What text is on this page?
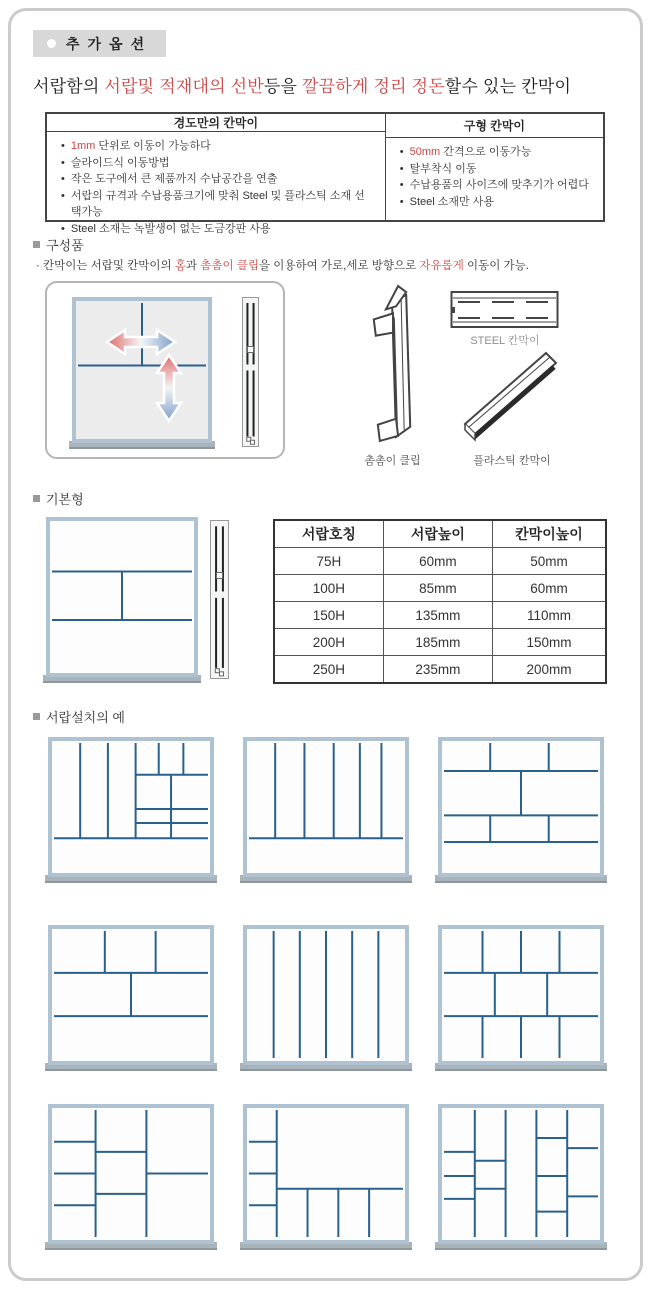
추가옵션
서랍함의 서랍및 적재대의 선반등을 깔끔하게 정리 정돈할수 있는 칸막이
경도만의 칸막이
• 1mm 단위로 이동이 가능하다
• 슬라이드식 이동방법
• 작은 도구에서 큰 제품까지 수납공간을 연출
• 서랍의 규격과 수납용품크기에 맞춰 Steel 및 플라스틱 소재 선택가능
• Steel 소재는 녹발생이 없는 도금강판 사용
구형 칸막이
• 50mm 간격으로 이동가능
• 탈부착식 이동
• 수납용품의 사이즈에 맞추기가 어렵다
• Steel 소재만 사용
구성품
· 칸막이는 서랍및 칸막이의 홈과 촘촘이 클립을 이용하여 가로,세로 방향으로 자유롭게 이동이 가능.
STEEL 칸막이
촘촘이 클립	플라스틱 칸막이
기본형
서랍호칭	서랍높이	칸막이높이
75H	60mm	50mm
100H	85mm	60mm
150H	135mm	110mm
200H	185mm	150mm
250H	235mm	200mm
서랍설치의 예
